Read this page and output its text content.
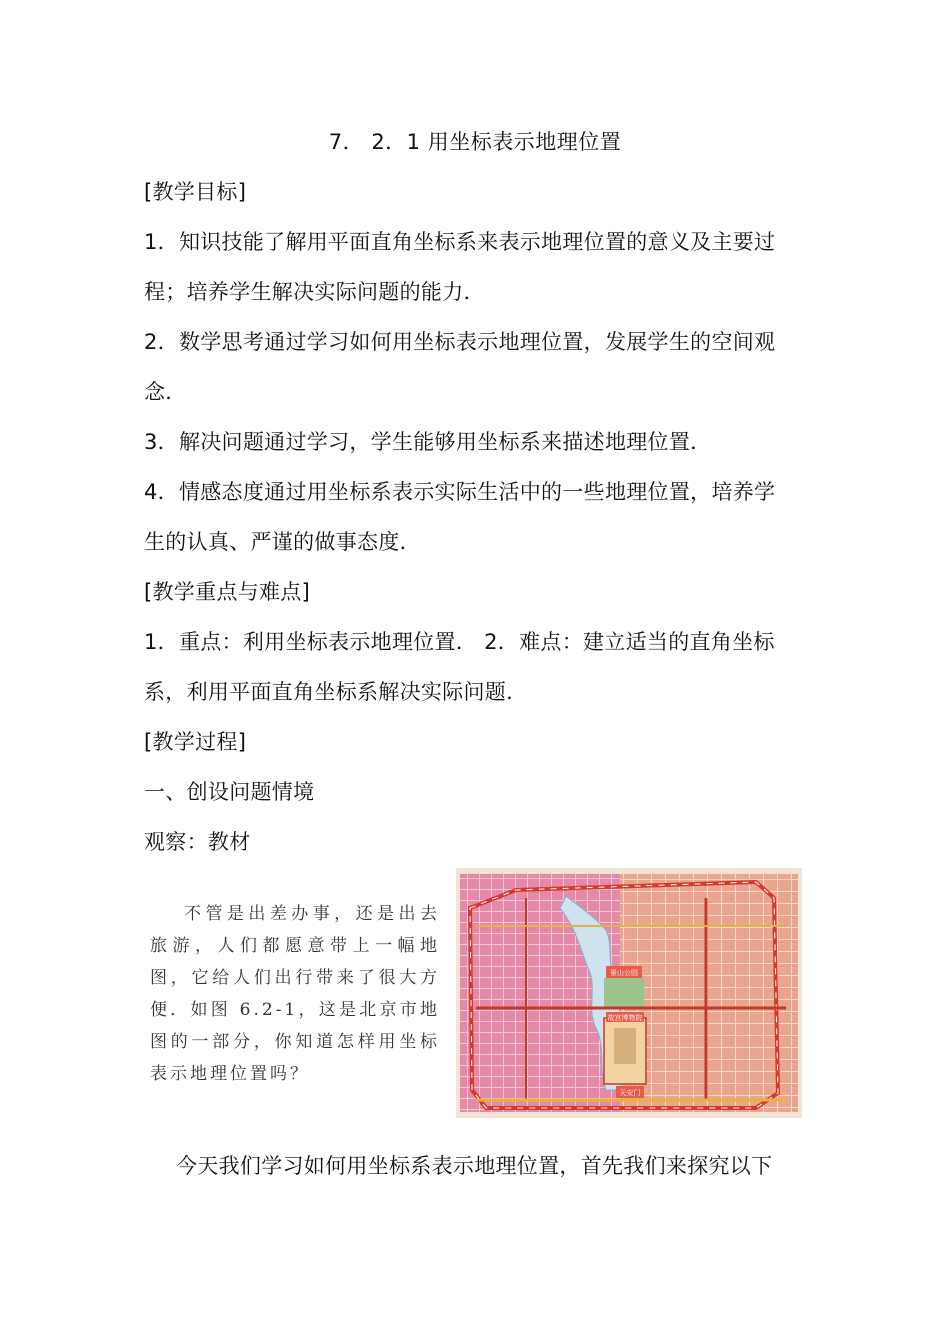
7． 2．1 用坐标表示地理位置
[教学目标]
1．知识技能了解用平面直角坐标系来表示地理位置的意义及主要过
程；培养学生解决实际问题的能力．
2．数学思考通过学习如何用坐标表示地理位置，发展学生的空间观
念．
3．解决问题通过学习，学生能够用坐标系来描述地理位置．
4．情感态度通过用坐标系表示实际生活中的一些地理位置，培养学
生的认真、严谨的做事态度．
[教学重点与难点]
1．重点：利用坐标表示地理位置． 2．难点：建立适当的直角坐标
系，利用平面直角坐标系解决实际问题．
[教学过程]
一、创设问题情境
观察：教材
不管是出差办事，还是出去旅游，人们都愿意带上一幅地图，它给人们出行带来了很大方便．如图 6.2-1，这是北京市地图的一部分，你知道怎样用坐标表示地理位置吗？
景山公园
故宫博物院
天安门
今天我们学习如何用坐标系表示地理位置，首先我们来探究以下
